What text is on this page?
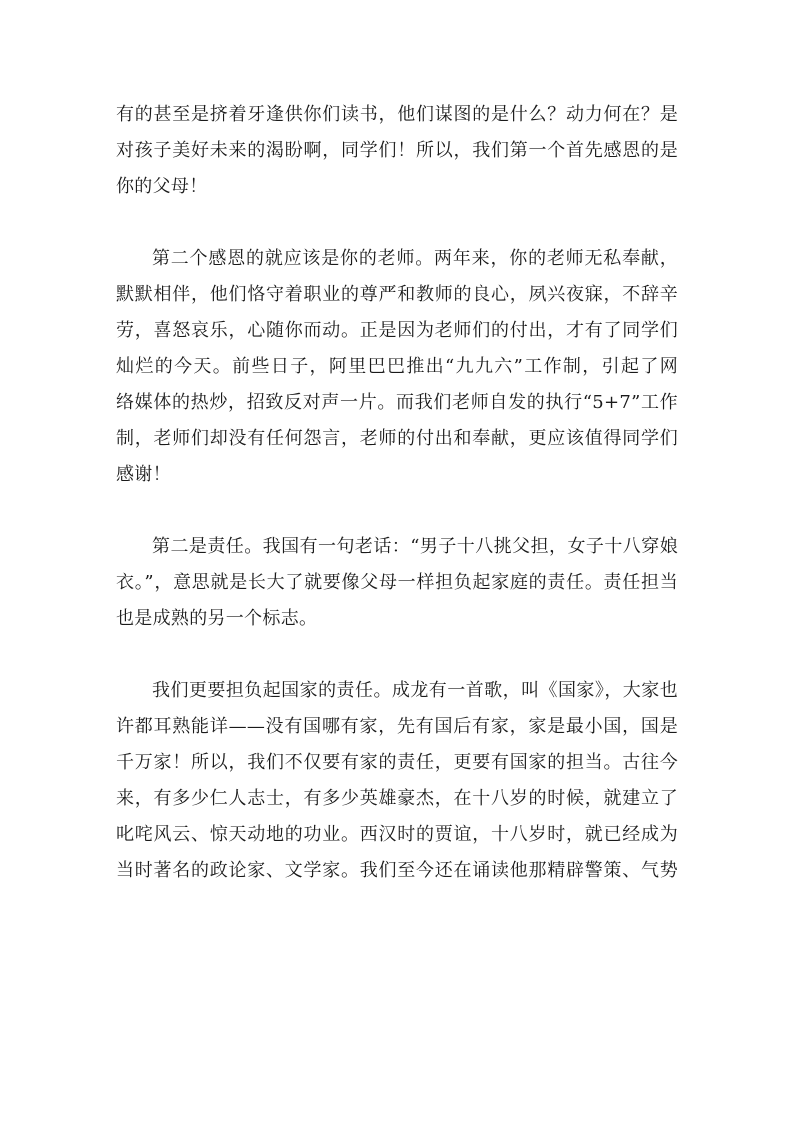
有的甚至是挤着牙逢供你们读书，他们谋图的是什么？动力何在？是
对孩子美好未来的渴盼啊，同学们！所以，我们第一个首先感恩的是
你的父母！

第二个感恩的就应该是你的老师。两年来，你的老师无私奉献，
默默相伴，他们恪守着职业的尊严和教师的良心，夙兴夜寐，不辞辛
劳，喜怒哀乐，心随你而动。正是因为老师们的付出，才有了同学们
灿烂的今天。前些日子，阿里巴巴推出“九九六”工作制，引起了网
络媒体的热炒，招致反对声一片。而我们老师自发的执行“5+7”工作
制，老师们却没有任何怨言，老师的付出和奉献，更应该值得同学们
感谢！

第二是责任。我国有一句老话：“男子十八挑父担，女子十八穿娘
衣。”，意思就是长大了就要像父母一样担负起家庭的责任。责任担当
也是成熟的另一个标志。

我们更要担负起国家的责任。成龙有一首歌，叫《国家》，大家也
许都耳熟能详——没有国哪有家，先有国后有家，家是最小国，国是
千万家！所以，我们不仅要有家的责任，更要有国家的担当。古往今
来，有多少仁人志士，有多少英雄豪杰，在十八岁的时候，就建立了
叱咤风云、惊天动地的功业。西汉时的贾谊，十八岁时，就已经成为
当时著名的政论家、文学家。我们至今还在诵读他那精辟警策、气势
